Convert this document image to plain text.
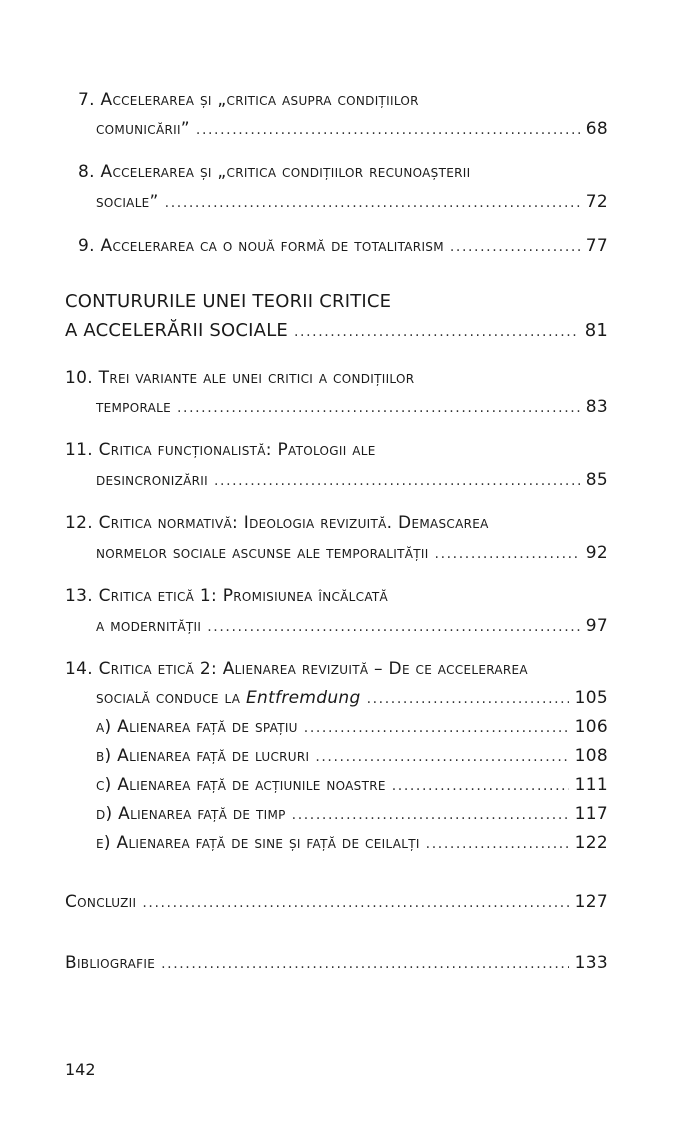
7. Accelerarea și „critica asupra condițiilor
comunicării” .....	68
8. Accelerarea și „critica condițiilor recunoașterii
sociale” .....	72
9. Accelerarea ca o nouă formă de totalitarism .....	77
CONTURURILE UNEI TEORII CRITICE
A ACCELERĂRII SOCIALE .....	81
10. Trei variante ale unei critici a condițiilor
temporale .....	83
11. Critica funcționalistă: Patologii ale
desincronizării .....	85
12. Critica normativă: Ideologia revizuită. Demascarea
normelor sociale ascunse ale temporalității .....	92
13. Critica etică 1: Promisiunea încălcată
a modernității .....	97
14. Critica etică 2: Alienarea revizuită – De ce accelerarea
socială conduce la Entfremdung .....	105
a) Alienarea față de spațiu .....	106
b) Alienarea față de lucruri .....	108
c) Alienarea față de acțiunile noastre .....	111
d) Alienarea față de timp .....	117
e) Alienarea față de sine și față de ceilalți .....	122
Concluzii .....	127
Bibliografie .....	133
142
